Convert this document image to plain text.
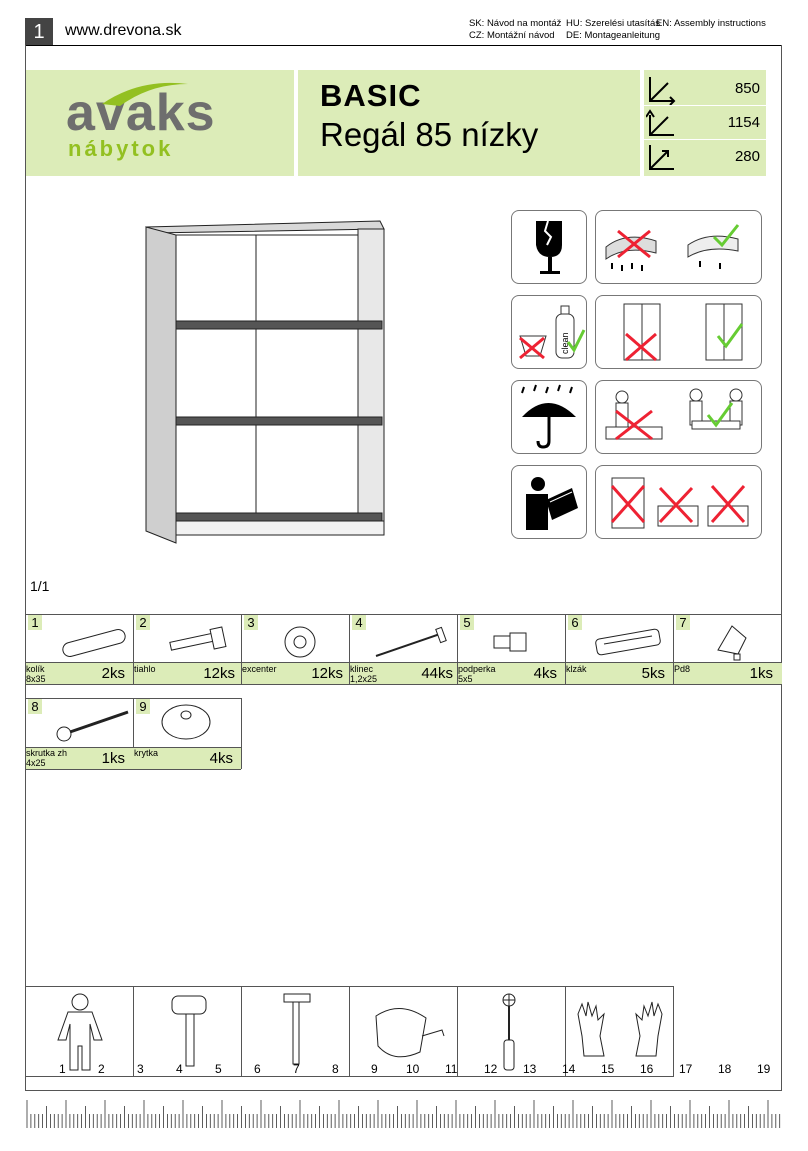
1	www.drevona.sk	SK: Návod na montáž
CZ: Montážní návod
HU: Szerelési utasítás
DE: Montageanleitung
EN: Assembly instructions
avaks
nábytok
BASIC
Regál 85 nízky
850
1154
280
clean
1/1
1
kolík
8x35	2ks
2
tiahlo	12ks
3
excenter 12ks
4
klinec
1,2x25	44ks
5
podperka
5x5	4ks
6
klzák	5ks
7
Pd8	1ks
8
skrutka zh
4x25	1ks
9
krytka	4ks
1	2	3	4	5	6	7	8	9 10 11 12 13 14 15 16 17 18 19
